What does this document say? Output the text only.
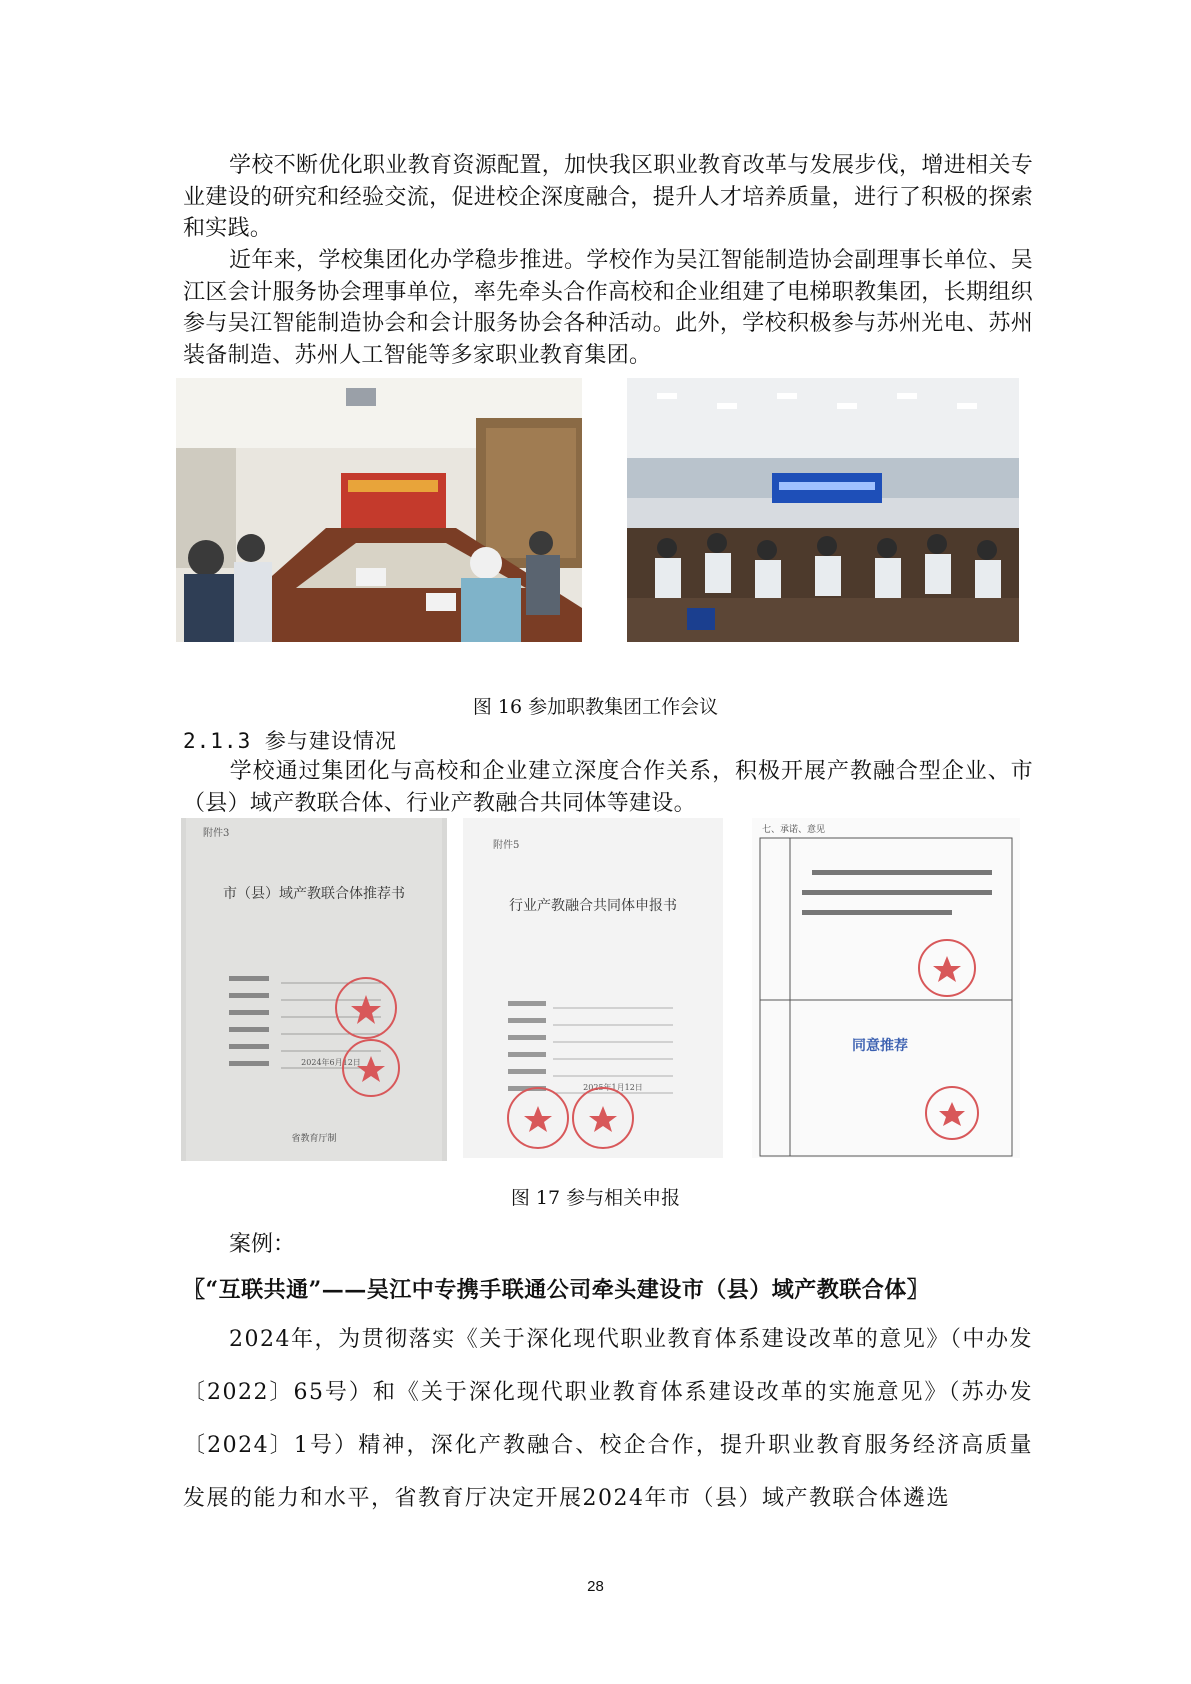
学校不断优化职业教育资源配置，加快我区职业教育改革与发展步伐，增进相关专业建设的研究和经验交流，促进校企深度融合，提升人才培养质量，进行了积极的探索和实践。

近年来，学校集团化办学稳步推进。学校作为吴江智能制造协会副理事长单位、吴江区会计服务协会理事单位，率先牵头合作高校和企业组建了电梯职教集团，长期组织参与吴江智能制造协会和会计服务协会各种活动。此外，学校积极参与苏州光电、苏州装备制造、苏州人工智能等多家职业教育集团。

图 16 参加职教集团工作会议

2.1.3 参与建设情况

学校通过集团化与高校和企业建立深度合作关系，积极开展产教融合型企业、市（县）域产教联合体、行业产教融合共同体等建设。

附件3
市（县）域产教联合体推荐书
2024年6月12日
省教育厅制
附件5
行业产教融合共同体申报书
2025年1月12日
七、承诺、意见
同意推荐

图 17 参与相关申报

案例：

〖“互联共通”——吴江中专携手联通公司牵头建设市（县）域产教联合体〗

2024年，为贯彻落实《关于深化现代职业教育体系建设改革的意见》（中办发〔2022〕65号）和《关于深化现代职业教育体系建设改革的实施意见》（苏办发〔2024〕1号）精神，深化产教融合、校企合作，提升职业教育服务经济高质量发展的能力和水平，省教育厅决定开展2024年市（县）域产教联合体遴选

28
